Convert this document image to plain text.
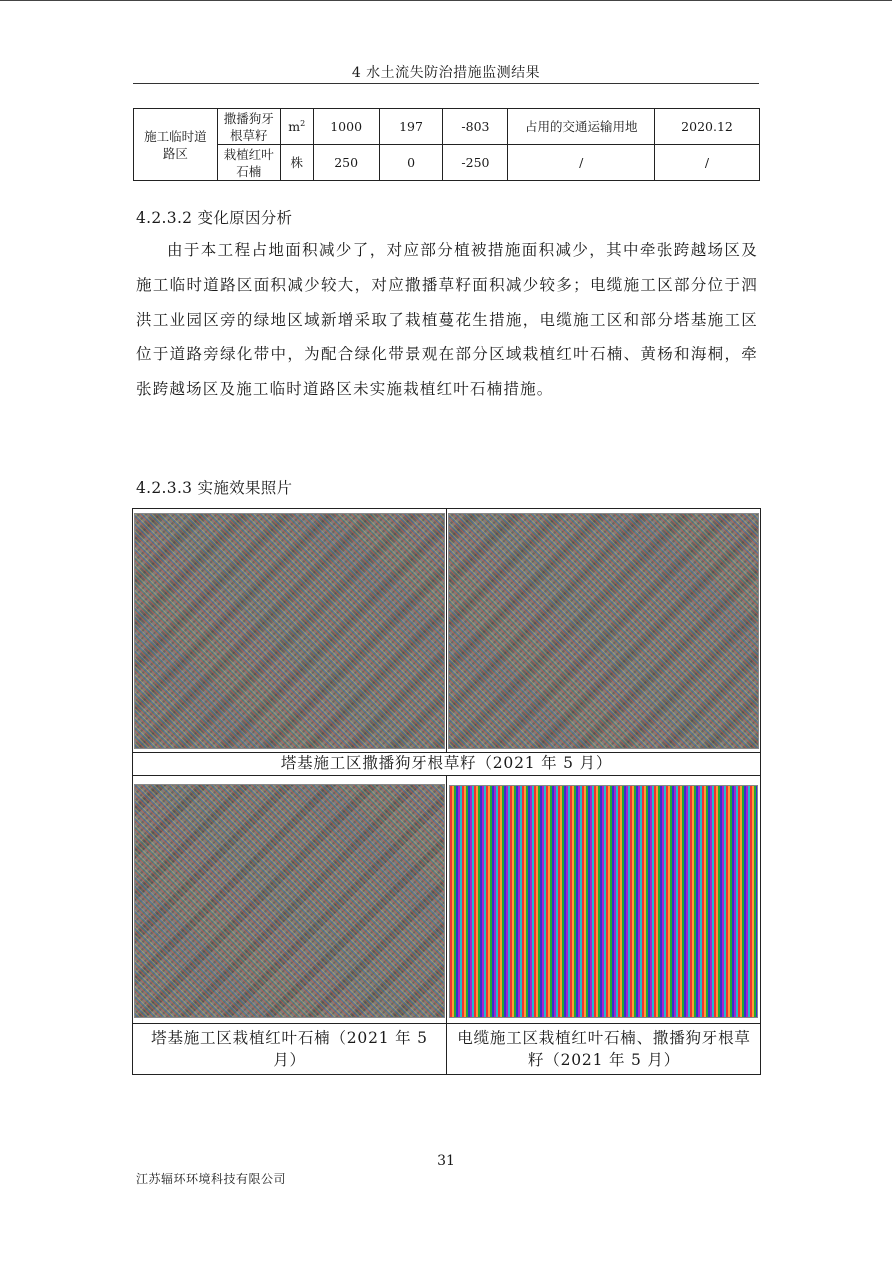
4 水土流失防治措施监测结果
施工临时道路区	撒播狗牙根草籽	$m^2$	1000	197	-803	占用的交通运输用地	2020.12
	栽植红叶石楠	株	250	0	-250	/	/
4.2.3.2 变化原因分析

由于本工程占地面积减少了，对应部分植被措施面积减少，其中牵张跨越场区及施工临时道路区面积减少较大，对应撒播草籽面积减少较多；电缆施工区部分位于泗洪工业园区旁的绿地区域新增采取了栽植蔓花生措施，电缆施工区和部分塔基施工区位于道路旁绿化带中，为配合绿化带景观在部分区域栽植红叶石楠、黄杨和海桐，牵张跨越场区及施工临时道路区未实施栽植红叶石楠措施。

4.2.3.3 实施效果照片
塔基施工区撒播狗牙根草籽（2021 年 5 月）
塔基施工区栽植红叶石楠（2021 年 5 月）
电缆施工区栽植红叶石楠、撒播狗牙根草籽（2021 年 5 月）
31
江苏辐环环境科技有限公司
